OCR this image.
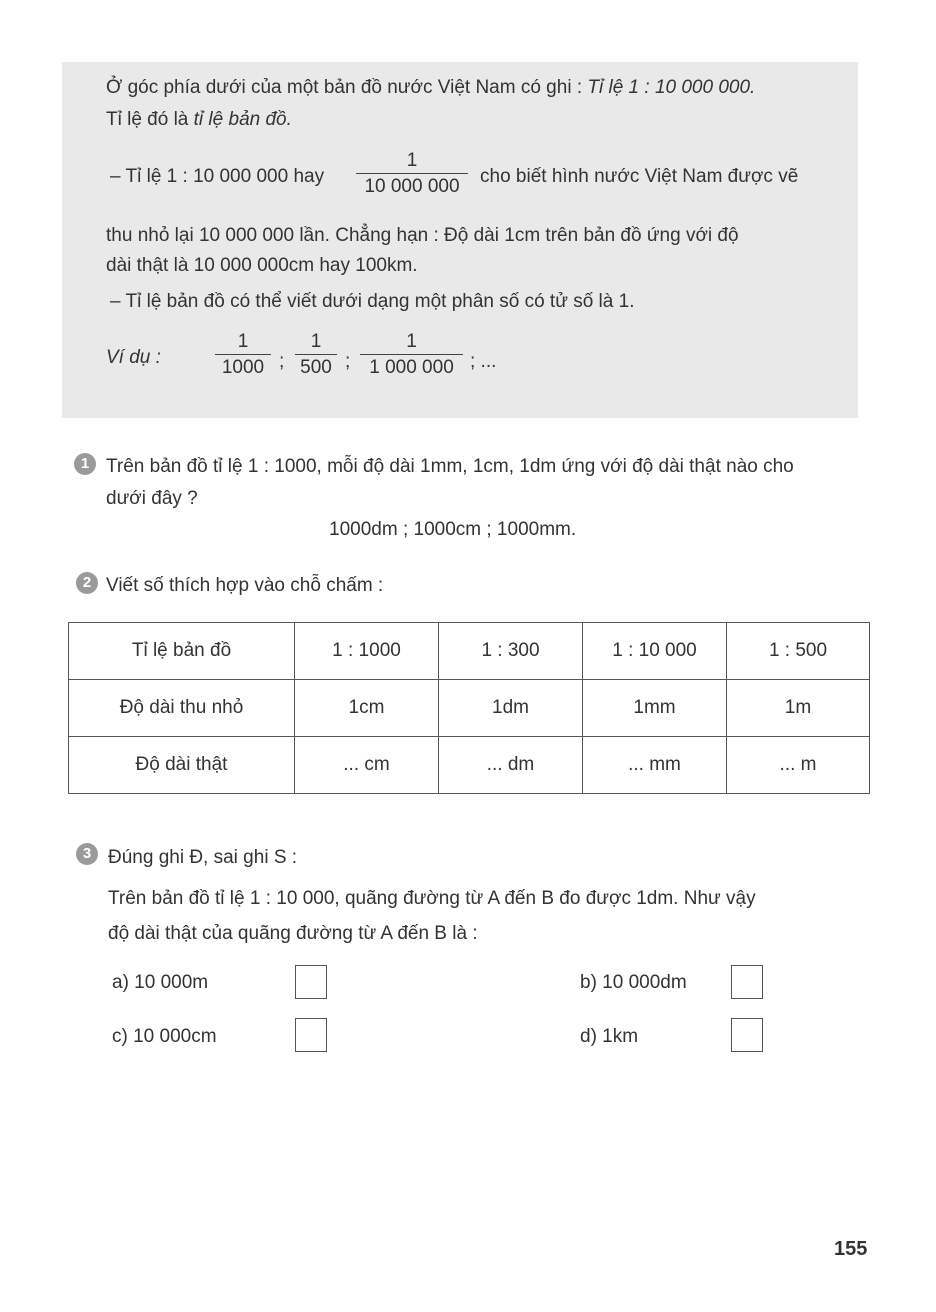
Ở góc phía dưới của một bản đồ nước Việt Nam có ghi : Tỉ lệ 1 : 10 000 000.
Tỉ lệ đó là tỉ lệ bản đồ.
– Tỉ lệ 1 : 10 000 000 hay
1
10 000 000	cho biết hình nước Việt Nam được vẽ
thu nhỏ lại 10 000 000 lần. Chẳng hạn : Độ dài 1cm trên bản đồ ứng với độ
dài thật là 10 000 000cm hay 100km.
– Tỉ lệ bản đồ có thể viết dưới dạng một phân số có tử số là 1.
Ví dụ :
1
1000 ;
1
500 ;
1
1 000 000 ; ...
1 Trên bản đồ tỉ lệ 1 : 1000, mỗi độ dài 1mm, 1cm, 1dm ứng với độ dài thật nào cho
dưới đây ?
1000dm ; 1000cm ; 1000mm.
2 Viết số thích hợp vào chỗ chấm :
Tỉ lệ bản đồ	1 : 1000	1 : 300	1 : 10 000	1 : 500
Độ dài thu nhỏ	1cm	1dm	1mm	1m
Độ dài thật	... cm	... dm	... mm	... m
3 Đúng ghi Đ, sai ghi S :
Trên bản đồ tỉ lệ 1 : 10 000, quãng đường từ A đến B đo được 1dm. Như vậy
độ dài thật của quãng đường từ A đến B là :
a) 10 000m	b) 10 000dm
c) 10 000cm	d) 1km
155
